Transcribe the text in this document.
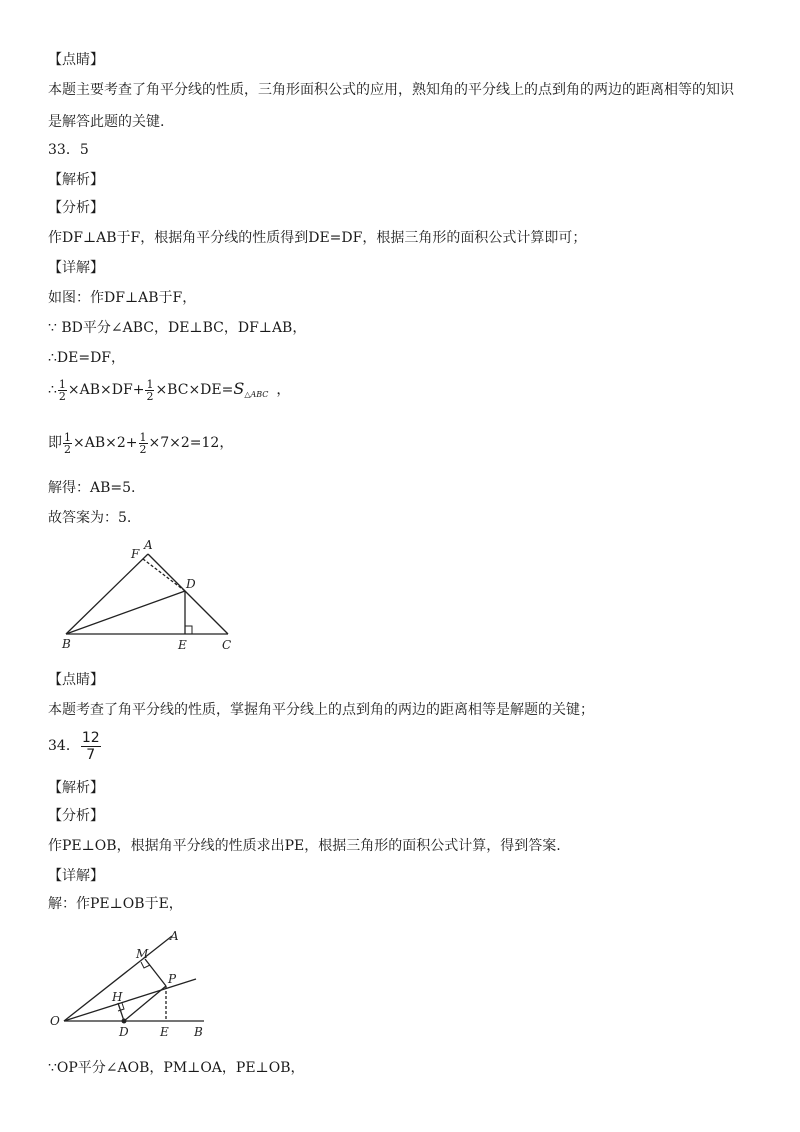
【点睛】
本题主要考查了角平分线的性质，三角形面积公式的应用，熟知角的平分线上的点到角的两边的距离相等的知识
是解答此题的关键.
33．5
【解析】
【分析】
作DF⊥AB于F，根据角平分线的性质得到DE=DF，根据三角形的面积公式计算即可；
【详解】
如图：作DF⊥AB于F，
∵ BD平分∠ABC，DE⊥BC，DF⊥AB，
∴DE=DF，
∴ $\frac{1}{2} \times AB\times DF+ \frac{1}{2} \times BC\times DE=S_{\triangle ABC}$ ，
即 $\frac{1}{2} \times AB\times 2+ \frac{1}{2} \times 7\times 2=12$，
解得：AB=5.
故答案为：5.
F
A
D
B	E	C
【点睛】
本题考查了角平分线的性质，掌握角平分线上的点到角的两边的距离相等是解题的关键；
34． $\frac{12}{7}$
【解析】
【分析】
作PE⊥OB，根据角平分线的性质求出PE，根据三角形的面积公式计算，得到答案.
【详解】
解：作PE⊥OB于E，
M
A
P
H
O
D	E B
∵OP平分∠AOB，PM⊥OA，PE⊥OB，
